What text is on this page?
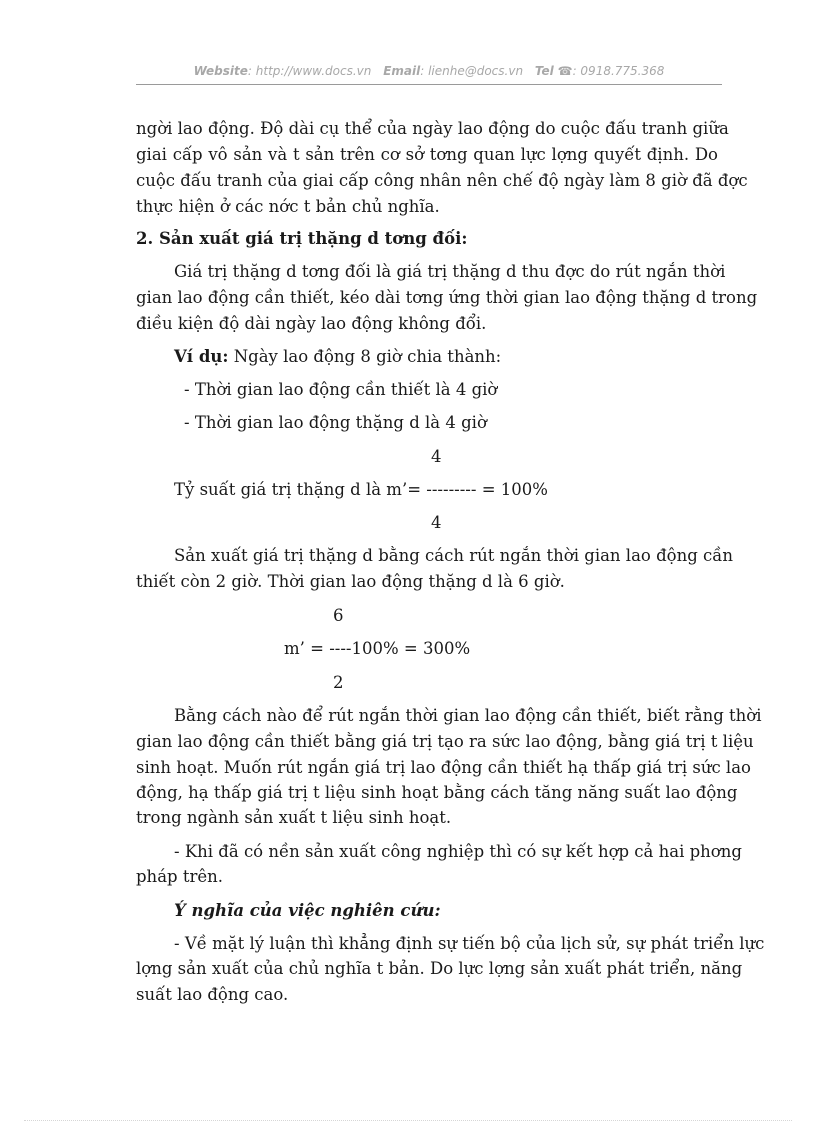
Website: http://www.docs.vn Email: lienhe@docs.vn Tel ☎: 0918.775.368
ngời lao động. Độ dài cụ thể của ngày lao động do cuộc đấu tranh giữa
giai cấp vô sản và t sản trên cơ sở tơng quan lực lợng quyết định. Do
cuộc đấu tranh của giai cấp công nhân nên chế độ ngày làm 8 giờ đã đợc
thực hiện ở các nớc t bản chủ nghĩa.
2. Sản xuất giá trị thặng d tơng đối:
Giá trị thặng d tơng đối là giá trị thặng d thu đợc do rút ngắn thời
gian lao động cần thiết, kéo dài tơng ứng thời gian lao động thặng d trong
điều kiện độ dài ngày lao động không đổi.
Ví dụ: Ngày lao động 8 giờ chia thành:
- Thời gian lao động cần thiết là 4 giờ
- Thời gian lao động thặng d là 4 giờ
4
Tỷ suất giá trị thặng d là m’= --------- = 100%
4
Sản xuất giá trị thặng d bằng cách rút ngắn thời gian lao động cần
thiết còn 2 giờ. Thời gian lao động thặng d là 6 giờ.
6
m’ = ----100% = 300%
2
Bằng cách nào để rút ngắn thời gian lao động cần thiết, biết rằng thời
gian lao động cần thiết bằng giá trị tạo ra sức lao động, bằng giá trị t liệu
sinh hoạt. Muốn rút ngắn giá trị lao động cần thiết hạ thấp giá trị sức lao
động, hạ thấp giá trị t liệu sinh hoạt bằng cách tăng năng suất lao động
trong ngành sản xuất t liệu sinh hoạt.
- Khi đã có nền sản xuất công nghiệp thì có sự kết hợp cả hai phơng
pháp trên.
Ý nghĩa của việc nghiên cứu:
- Về mặt lý luận thì khẳng định sự tiến bộ của lịch sử, sự phát triển lực
lợng sản xuất của chủ nghĩa t bản. Do lực lợng sản xuất phát triển, năng
suất lao động cao.
